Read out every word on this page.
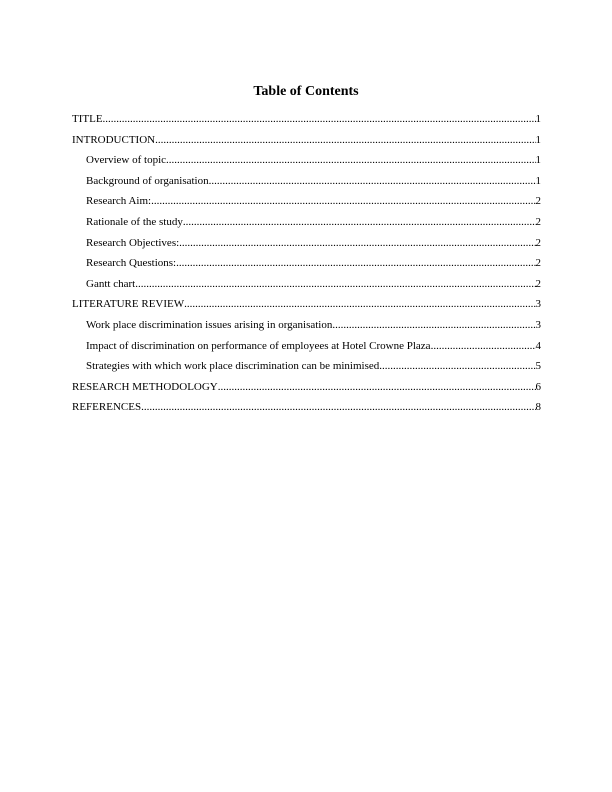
Table of Contents
TITLE .....	1
INTRODUCTION .....	1
Overview of topic .....	1
Background of organisation .....	1
Research Aim: .....	2
Rationale of the study .....	2
Research Objectives: .....	2
Research Questions: .....	2
Gantt chart .....	2
LITERATURE REVIEW .....	3
Work place discrimination issues arising in organisation .....	3
Impact of discrimination on performance of employees at Hotel Crowne Plaza .....	4
Strategies with which work place discrimination can be minimised .....	5
RESEARCH METHODOLOGY .....	6
REFERENCES .....	8
